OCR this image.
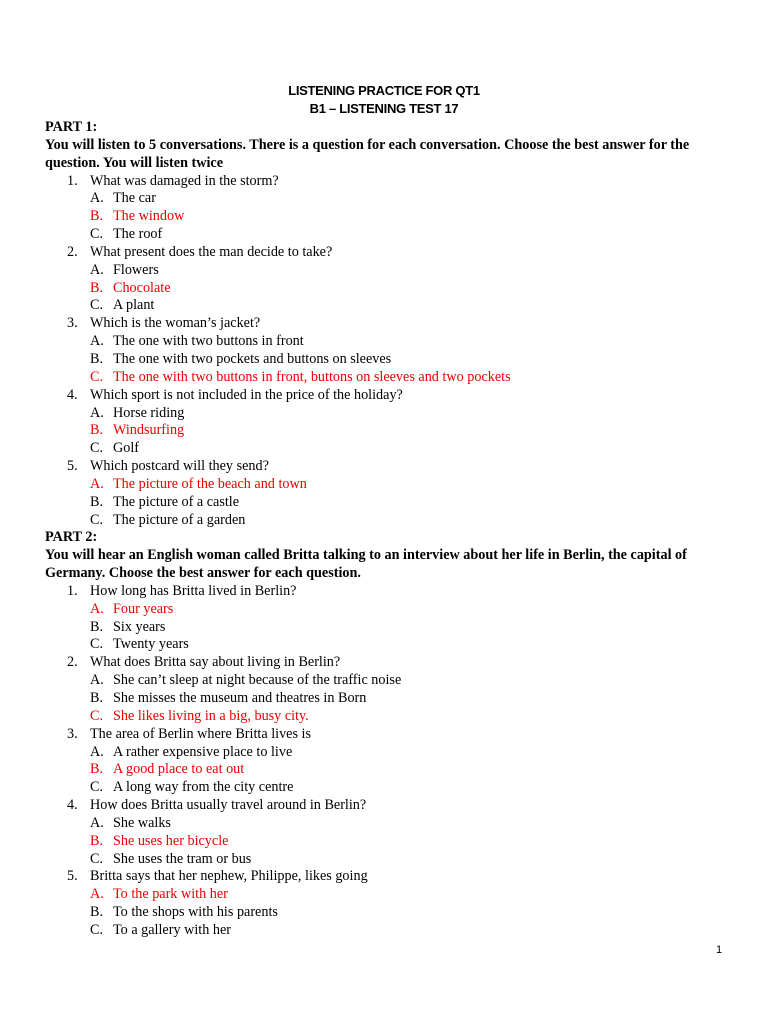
LISTENING PRACTICE FOR QT1
B1 – LISTENING TEST 17
PART 1:
You will listen to 5 conversations. There is a question for each conversation. Choose the best answer for the question. You will listen twice
1. What was damaged in the storm?
A. The car
B. The window
C. The roof
2. What present does the man decide to take?
A. Flowers
B. Chocolate
C. A plant
3. Which is the woman’s jacket?
A. The one with two buttons in front
B. The one with two pockets and buttons on sleeves
C. The one with two buttons in front, buttons on sleeves and two pockets
4. Which sport is not included in the price of the holiday?
A. Horse riding
B. Windsurfing
C. Golf
5. Which postcard will they send?
A. The picture of the beach and town
B. The picture of a castle
C. The picture of a garden
PART 2:
You will hear an English woman called Britta talking to an interview about her life in Berlin, the capital of Germany. Choose the best answer for each question.
1. How long has Britta lived in Berlin?
A. Four years
B. Six years
C. Twenty years
2. What does Britta say about living in Berlin?
A. She can’t sleep at night because of the traffic noise
B. She misses the museum and theatres in Born
C. She likes living in a big, busy city.
3. The area of Berlin where Britta lives is
A. A rather expensive place to live
B. A good place to eat out
C. A long way from the city centre
4. How does Britta usually travel around in Berlin?
A. She walks
B. She uses her bicycle
C. She uses the tram or bus
5. Britta says that her nephew, Philippe, likes going
A. To the park with her
B. To the shops with his parents
C. To a gallery with her
1
